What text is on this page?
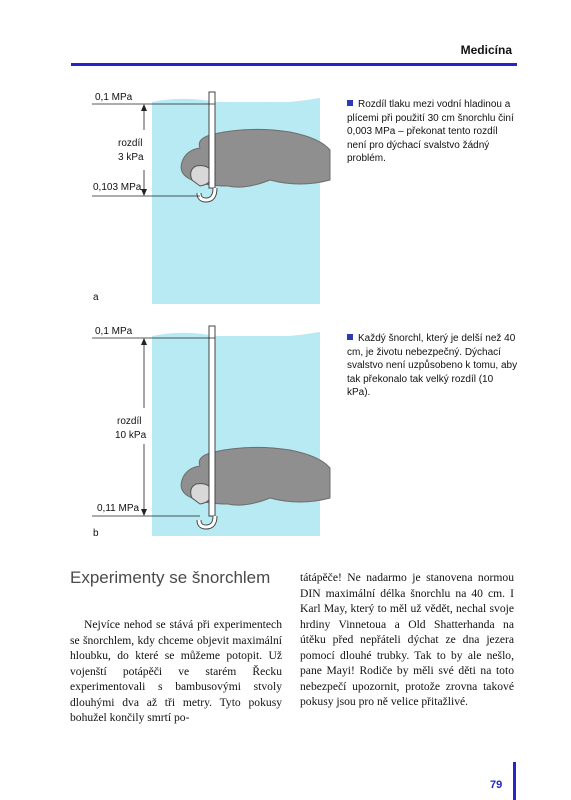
Medicína
0,1 MPa
rozdíl
3 kPa
0,103 MPa
a
Rozdíl tlaku mezi vodní hladinou a plícemi při použití 30 cm šnorchlu činí 0,003 MPa – překonat tento rozdíl není pro dýchací svalstvo žádný problém.
0,1 MPa
rozdíl
10 kPa
0,11 MPa
b
Každý šnorchl, který je delší než 40 cm, je životu nebezpečný. Dýchací svalstvo není uzpůsobeno k tomu, aby tak překonalo tak velký rozdíl (10 kPa).
Experimenty se šnorchlem

Nejvíce nehod se stává při experimentech se šnorchlem, kdy chceme objevit maximální hloubku, do které se můžeme potopit. Už vojenští potápěči ve starém Řecku experimentovali s bambusovými stvoly dlouhými dva až tři metry. Tyto pokusy bohužel končily smrtí po-

tátápěče! Ne nadarmo je stanovena normou DIN maximální délka šnorchlu na 40 cm. I Karl May, který to měl už vědět, nechal svoje hrdiny Vinnetoua a Old Shatterhanda na útěku před nepřáteli dýchat ze dna jezera pomocí dlouhé trubky. Tak to by ale nešlo, pane Mayi! Rodiče by měli své děti na toto nebezpečí upozornit, protože zrovna takové pokusy jsou pro ně velice přitažlivé.

79
